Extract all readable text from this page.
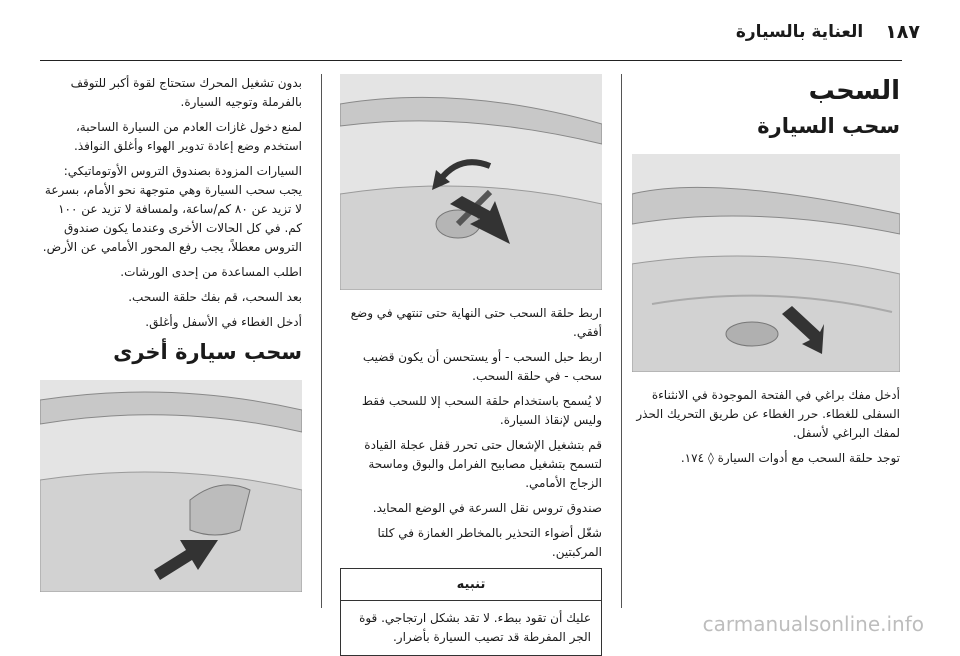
١٨٧
العناية بالسيارة
السحب
سحب السيارة

أدخل مفك براغي في الفتحة الموجودة في الانثناءة السفلى للغطاء. حرر الغطاء عن طريق التحريك الحذر لمفك البراغي لأسفل.

توجد حلقة السحب مع أدوات السيارة ◊ ١٧٤.

اربط حلقة السحب حتى النهاية حتى تنتهي في وضع أفقي.

اربط حبل السحب - أو يستحسن أن يكون قضيب سحب - في حلقة السحب.

لا يُسمح باستخدام حلقة السحب إلا للسحب فقط وليس لإنقاذ السيارة.

قم بتشغيل الإشعال حتى تحرر قفل عجلة القيادة لتسمح بتشغيل مصابيح الفرامل والبوق وماسحة الزجاج الأمامي.

صندوق تروس نقل السرعة في الوضع المحايد.

شغّل أضواء التحذير بالمخاطر الغمازة في كلتا المركبتين.

تنبيه
عليك أن تقود ببطء. لا تقد بشكل ارتجاجي. قوة الجر المفرطة قد تصيب السيارة بأضرار.

بدون تشغيل المحرك ستحتاج لقوة أكبر للتوقف بالفرملة وتوجيه السيارة.

لمنع دخول غازات العادم من السيارة الساحبة، استخدم وضع إعادة تدوير الهواء وأغلق النوافذ.

السيارات المزودة بصندوق التروس الأوتوماتيكي: يجب سحب السيارة وهي متوجهة نحو الأمام، بسرعة لا تزيد عن ٨٠ كم/ساعة، ولمسافة لا تزيد عن ١٠٠ كم. في كل الحالات الأخرى وعندما يكون صندوق التروس معطلاً، يجب رفع المحور الأمامي عن الأرض.

اطلب المساعدة من إحدى الورشات.

بعد السحب، قم بفك حلقة السحب.

أدخل الغطاء في الأسفل وأغلق.

سحب سيارة أخرى
carmanualsonline.info
